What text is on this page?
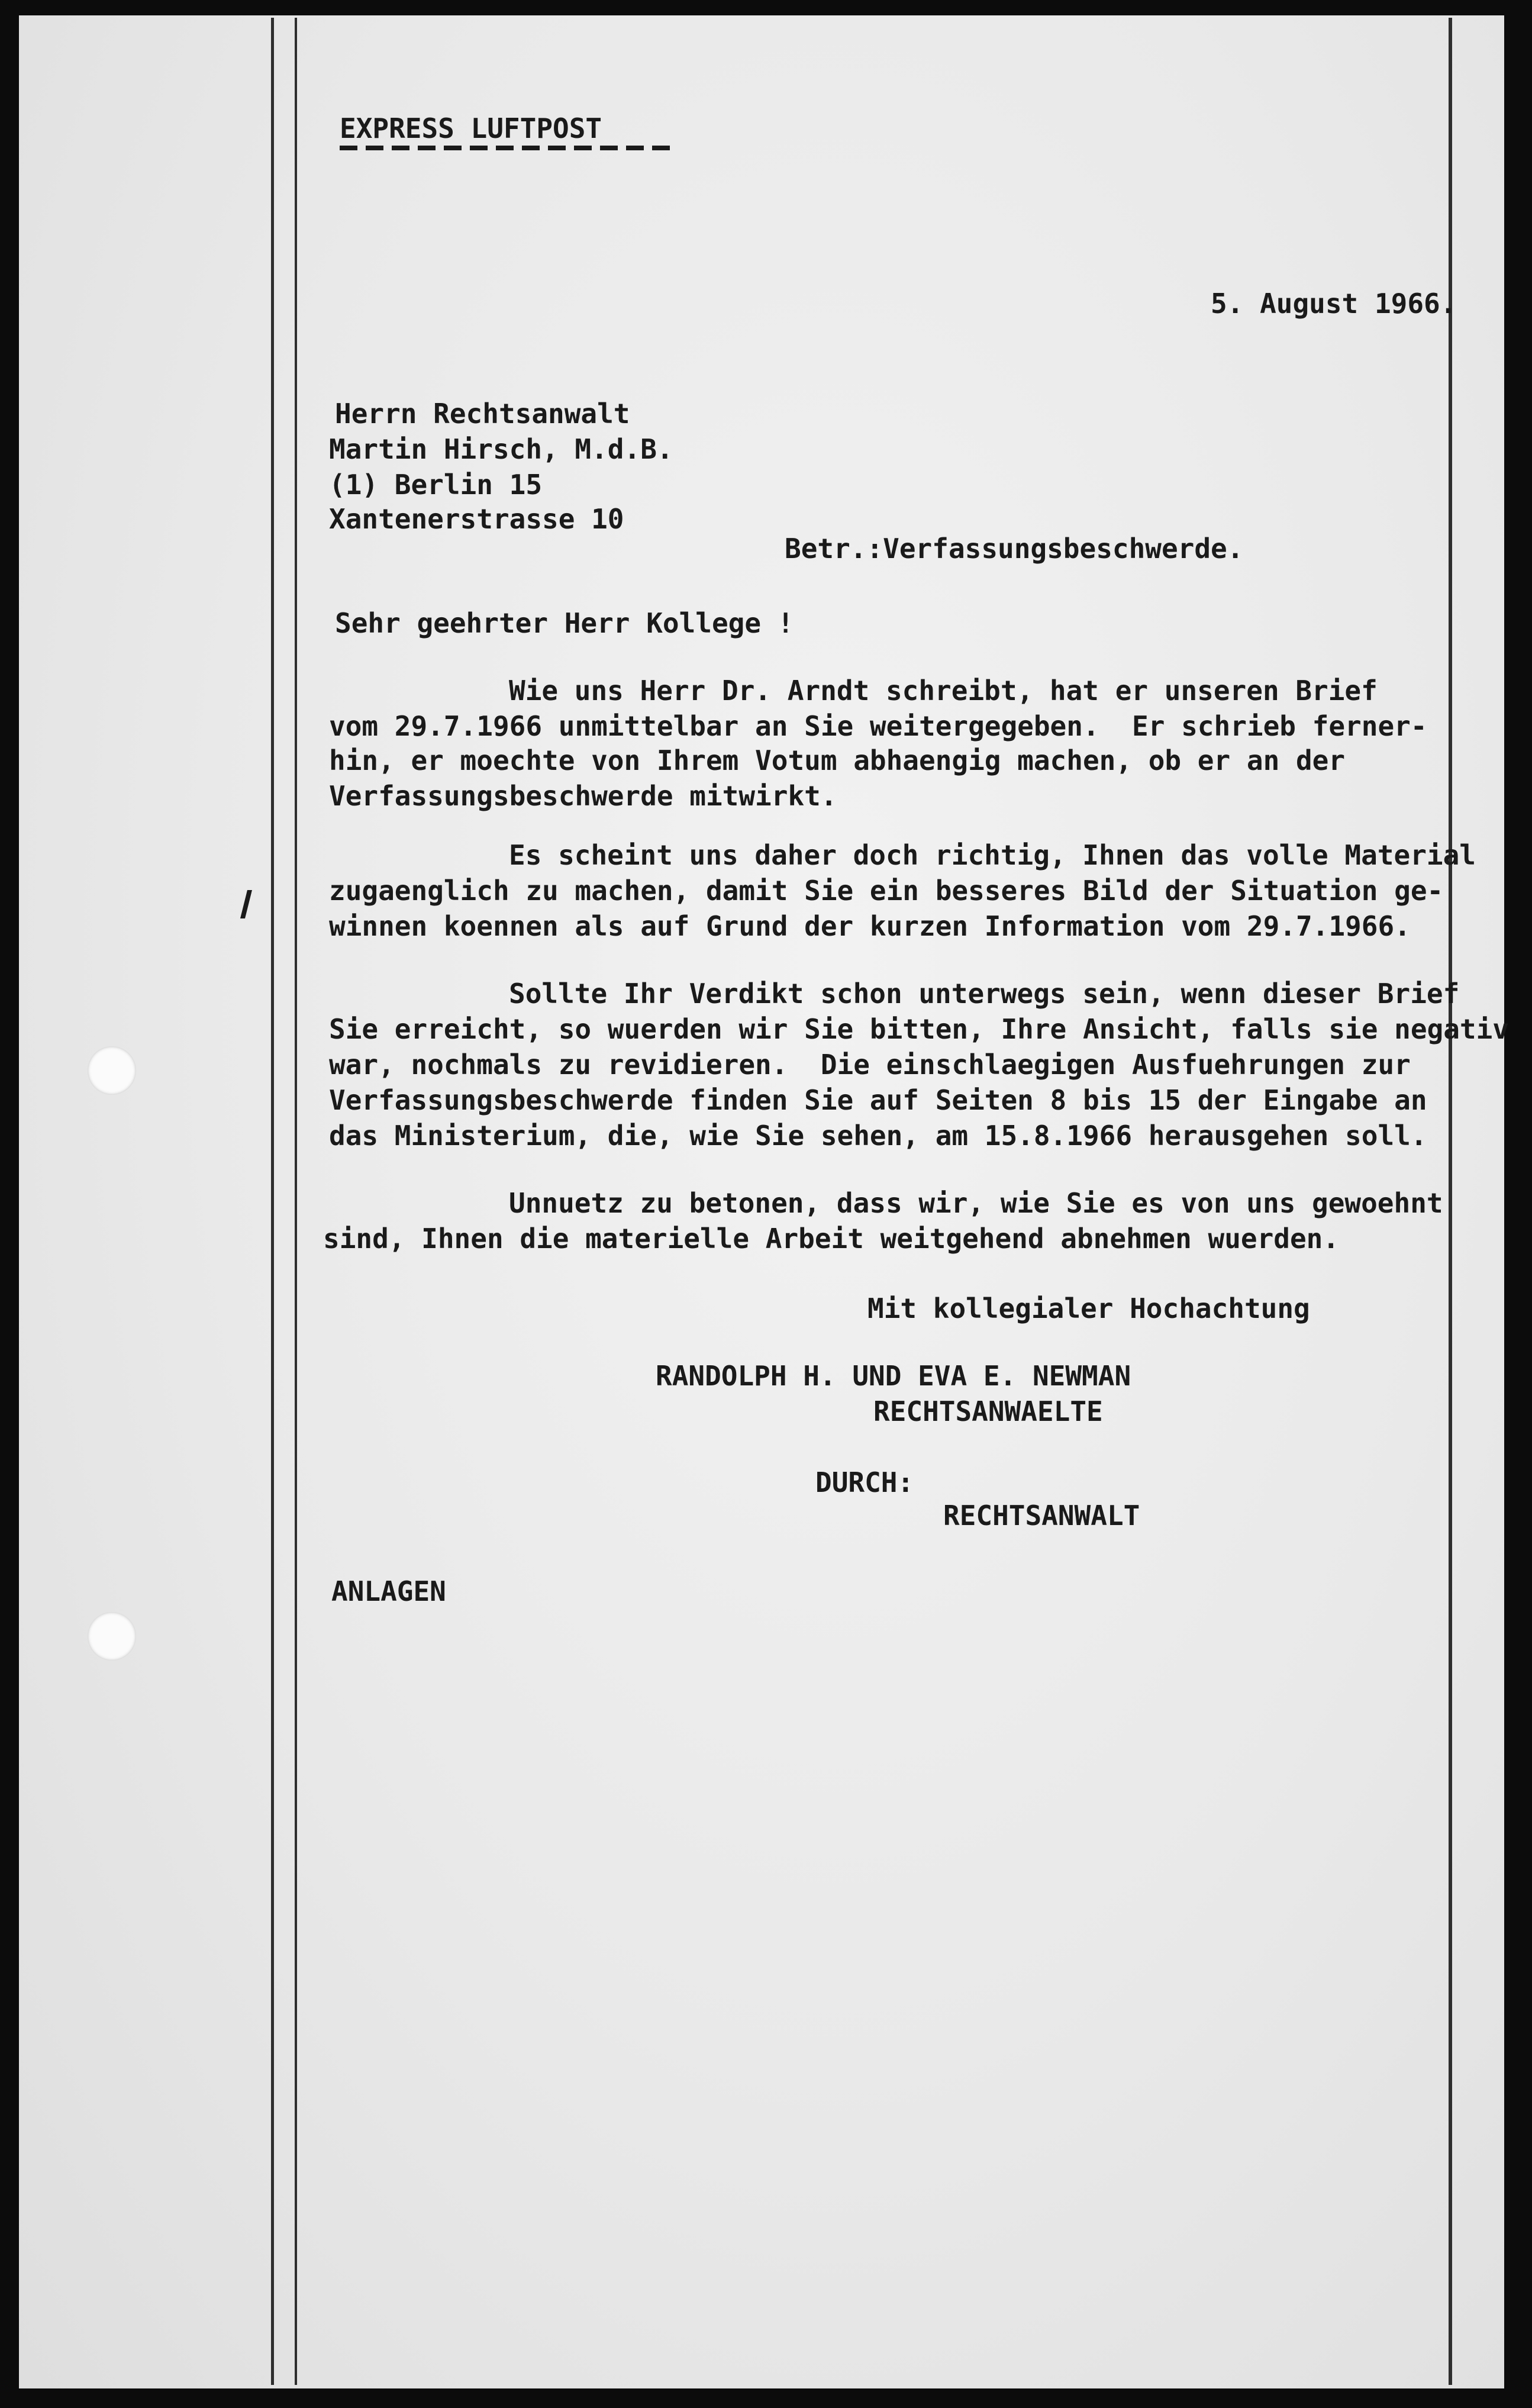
EXPRESS LUFTPOST
5. August 1966.
Herrn Rechtsanwalt
Martin Hirsch, M.d.B.
(1) Berlin 15
Xantenerstrasse 10
Betr.:Verfassungsbeschwerde.
Sehr geehrter Herr Kollege !
Wie uns Herr Dr. Arndt schreibt, hat er unseren Brief
vom 29.7.1966 unmittelbar an Sie weitergegeben.  Er schrieb ferner-
hin, er moechte von Ihrem Votum abhaengig machen, ob er an der
Verfassungsbeschwerde mitwirkt.
Es scheint uns daher doch richtig, Ihnen das volle Material
zugaenglich zu machen, damit Sie ein besseres Bild der Situation ge-
winnen koennen als auf Grund der kurzen Information vom 29.7.1966.
Sollte Ihr Verdikt schon unterwegs sein, wenn dieser Brief
Sie erreicht, so wuerden wir Sie bitten, Ihre Ansicht, falls sie negativ
war, nochmals zu revidieren.  Die einschlaegigen Ausfuehrungen zur
Verfassungsbeschwerde finden Sie auf Seiten 8 bis 15 der Eingabe an
das Ministerium, die, wie Sie sehen, am 15.8.1966 herausgehen soll.
Unnuetz zu betonen, dass wir, wie Sie es von uns gewoehnt
sind, Ihnen die materielle Arbeit weitgehend abnehmen wuerden.
Mit kollegialer Hochachtung
RANDOLPH H. UND EVA E. NEWMAN
RECHTSANWAELTE
DURCH:
RECHTSANWALT
ANLAGEN
